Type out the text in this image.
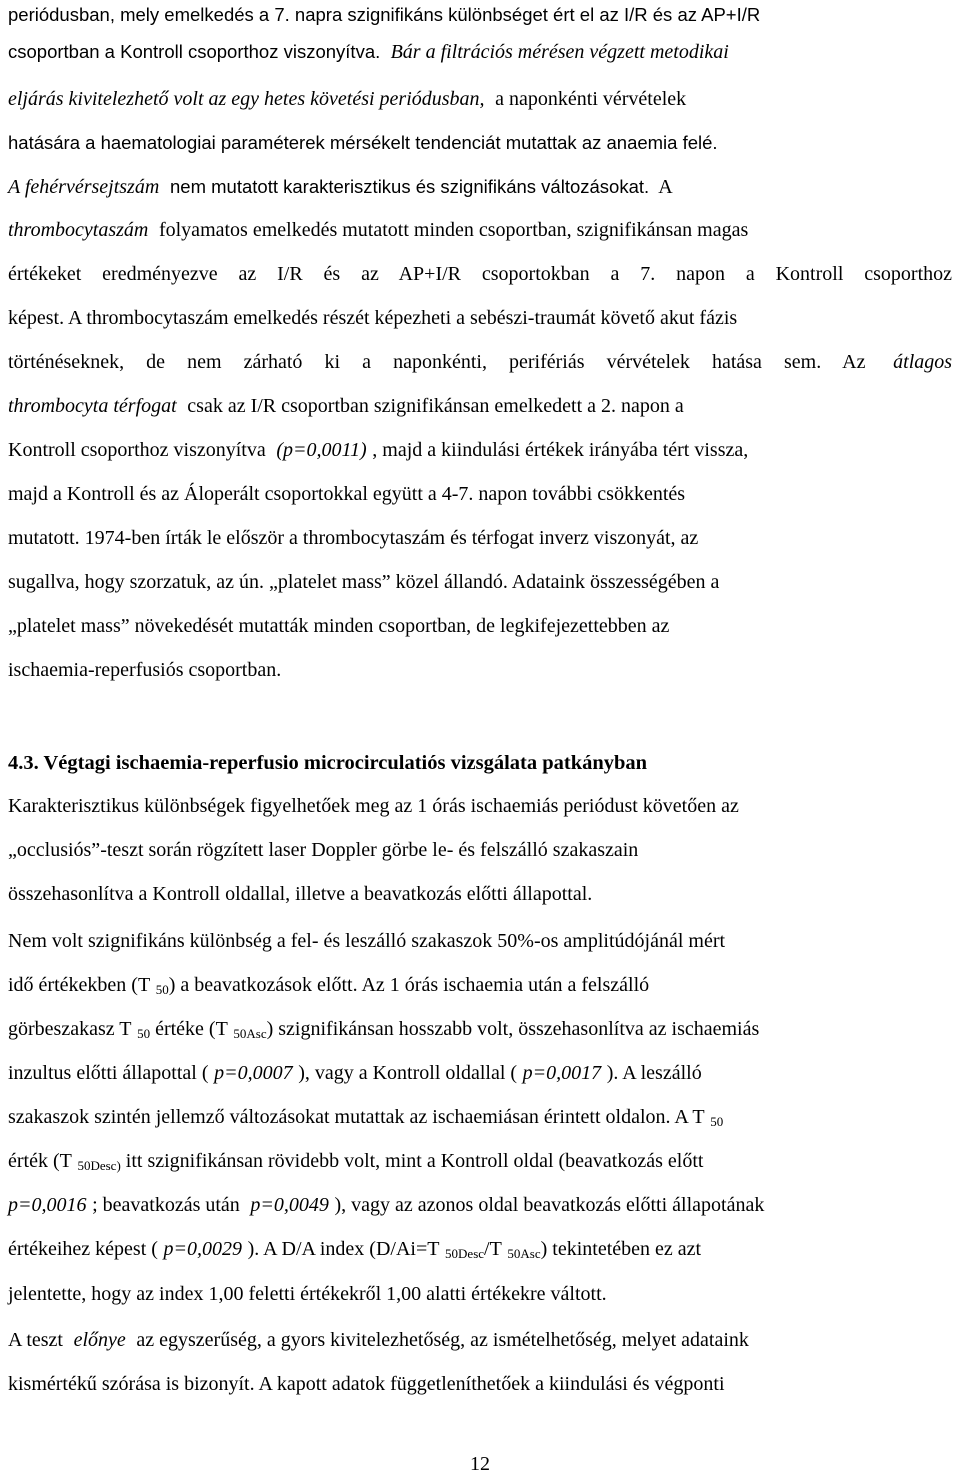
periódusban, mely emelkedés a 7. napra szignifikáns különbséget ért el az I/R és az AP+I/R
csoportban a Kontroll csoporthoz viszonyítva. Bár a filtrációs mérésen végzett metodikai
eljárás kivitelezhető volt az egy hetes követési periódusban, a naponkénti vérvételek
hatására a haematologiai paraméterek mérsékelt tendenciát mutattak az anaemia felé.
A fehérvérsejtszám nem mutatott karakterisztikus és szignifikáns változásokat. A
thrombocytaszám folyamatos emelkedés mutatott minden csoportban, szignifikánsan magas
értékeket eredményezve az I/R és az AP+I/R csoportokban a 7. napon a Kontroll csoporthoz
képest. A thrombocytaszám emelkedés részét képezheti a sebészi-traumát követő akut fázis
történéseknek, de nem zárható ki a naponkénti, perifériás vérvételek hatása sem. Az átlagos
thrombocyta térfogat csak az I/R csoportban szignifikánsan emelkedett a 2. napon a
Kontroll csoporthoz viszonyítva (p=0,0011) , majd a kiindulási értékek irányába tért vissza,
majd a Kontroll és az Áloperált csoportokkal együtt a 4-7. napon további csökkentés
mutatott. 1974-ben írták le először a thrombocytaszám és térfogat inverz viszonyát, az
sugallva, hogy szorzatuk, az ún. „platelet mass” közel állandó. Adataink összességében a
„platelet mass” növekedését mutatták minden csoportban, de legkifejezettebben az
ischaemia-reperfusiós csoportban.
4.3. Végtagi ischaemia-reperfusio microcirculatiós vizsgálata patkányban
Karakterisztikus különbségek figyelhetőek meg az 1 órás ischaemiás periódust követően az
„occlusiós”-teszt során rögzített laser Doppler görbe le- és felszálló szakaszain
összehasonlítva a Kontroll oldallal, illetve a beavatkozás előtti állapottal.
Nem volt szignifikáns különbség a fel- és leszálló szakaszok 50%-os amplitúdójánál mért
idő értékekben (T $_{50}$) a beavatkozások előtt. Az 1 órás ischaemia után a felszálló
görbeszakasz T $_{50}$ értéke (T $_{50Asc}$) szignifikánsan hosszabb volt, összehasonlítva az ischaemiás
inzultus előtti állapottal ( p=0,0007 ), vagy a Kontroll oldallal ( p=0,0017 ). A leszálló
szakaszok szintén jellemző változásokat mutattak az ischaemiásan érintett oldalon. A T $_{50}$
érték (T $_{50Desc)}$ itt szignifikánsan rövidebb volt, mint a Kontroll oldal (beavatkozás előtt
p=0,0016 ; beavatkozás után p=0,0049 ), vagy az azonos oldal beavatkozás előtti állapotának
értékeihez képest ( p=0,0029 ). A D/A index (D/Ai=T $_{50Desc}$/T $_{50Asc}$) tekintetében ez azt
jelentette, hogy az index 1,00 feletti értékekről 1,00 alatti értékekre váltott.
A teszt előnye az egyszerűség, a gyors kivitelezhetőség, az ismételhetőség, melyet adataink
kismértékű szórása is bizonyít. A kapott adatok függetleníthetőek a kiindulási és végponti
12
